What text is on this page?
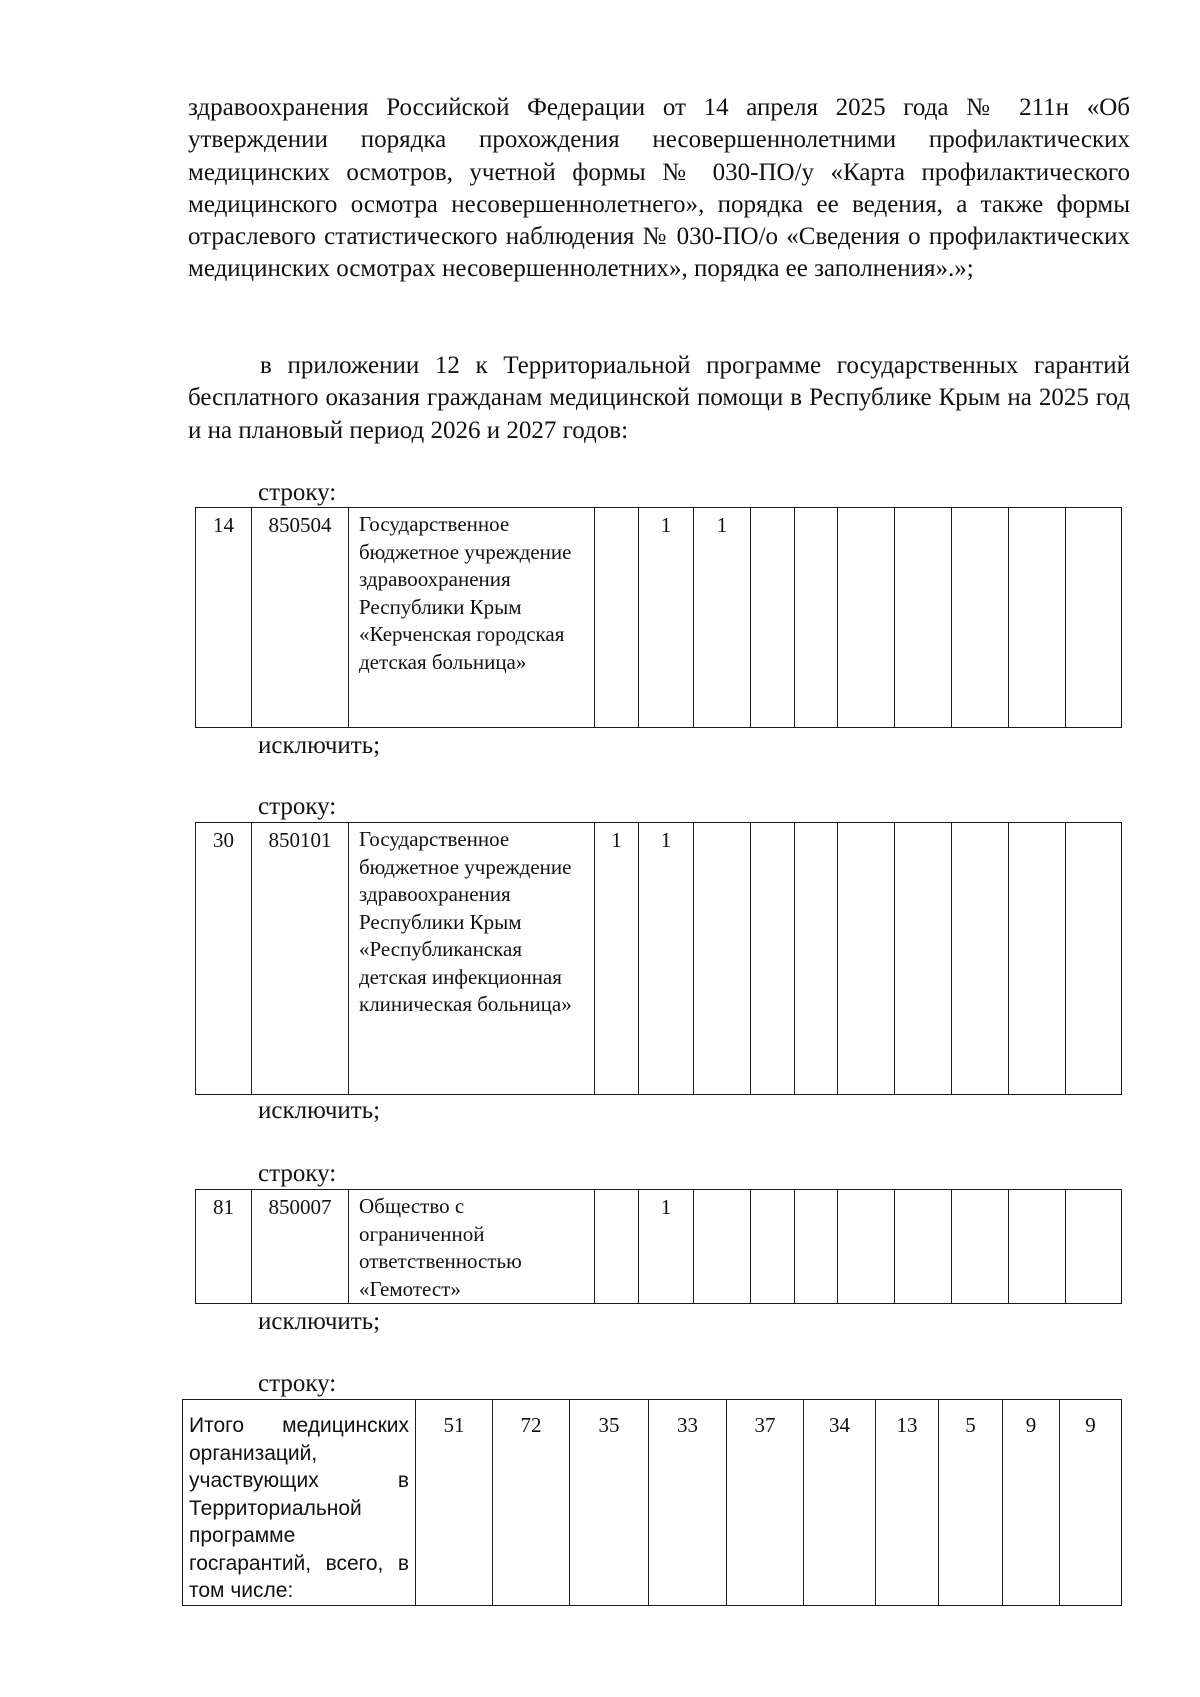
здравоохранения Российской Федерации от 14 апреля 2025 года № 211н «Об утверждении порядка прохождения несовершеннолетними профилактических медицинских осмотров, учетной формы № 030-ПО/у «Карта профилактического медицинского осмотра несовершеннолетнего», порядка ее ведения, а также формы отраслевого статистического наблюдения № 030-ПО/о «Сведения о профилактических медицинских осмотрах несовершеннолетних», порядка ее заполнения».»;

в приложении 12 к Территориальной программе государственных гарантий бесплатного оказания гражданам медицинской помощи в Республике Крым на 2025 год и на плановый период 2026 и 2027 годов:

строку:

14	850504	Государственное бюджетное учреждение здравоохранения Республики Крым «Керченская городская детская больница»		1	1							

исключить;

строку:

30	850101	Государственное бюджетное учреждение здравоохранения Республики Крым «Республиканская детская инфекционная клиническая больница»	1	1								

исключить;

строку:

81	850007	Общество с ограниченной ответственностью «Гемотест»		1								

исключить;

строку:

Итого медицинских организаций, участвующих в Территориальной программе госгарантий, всего, в том числе:	51	72	35	33	37	34	13	5	9	9
